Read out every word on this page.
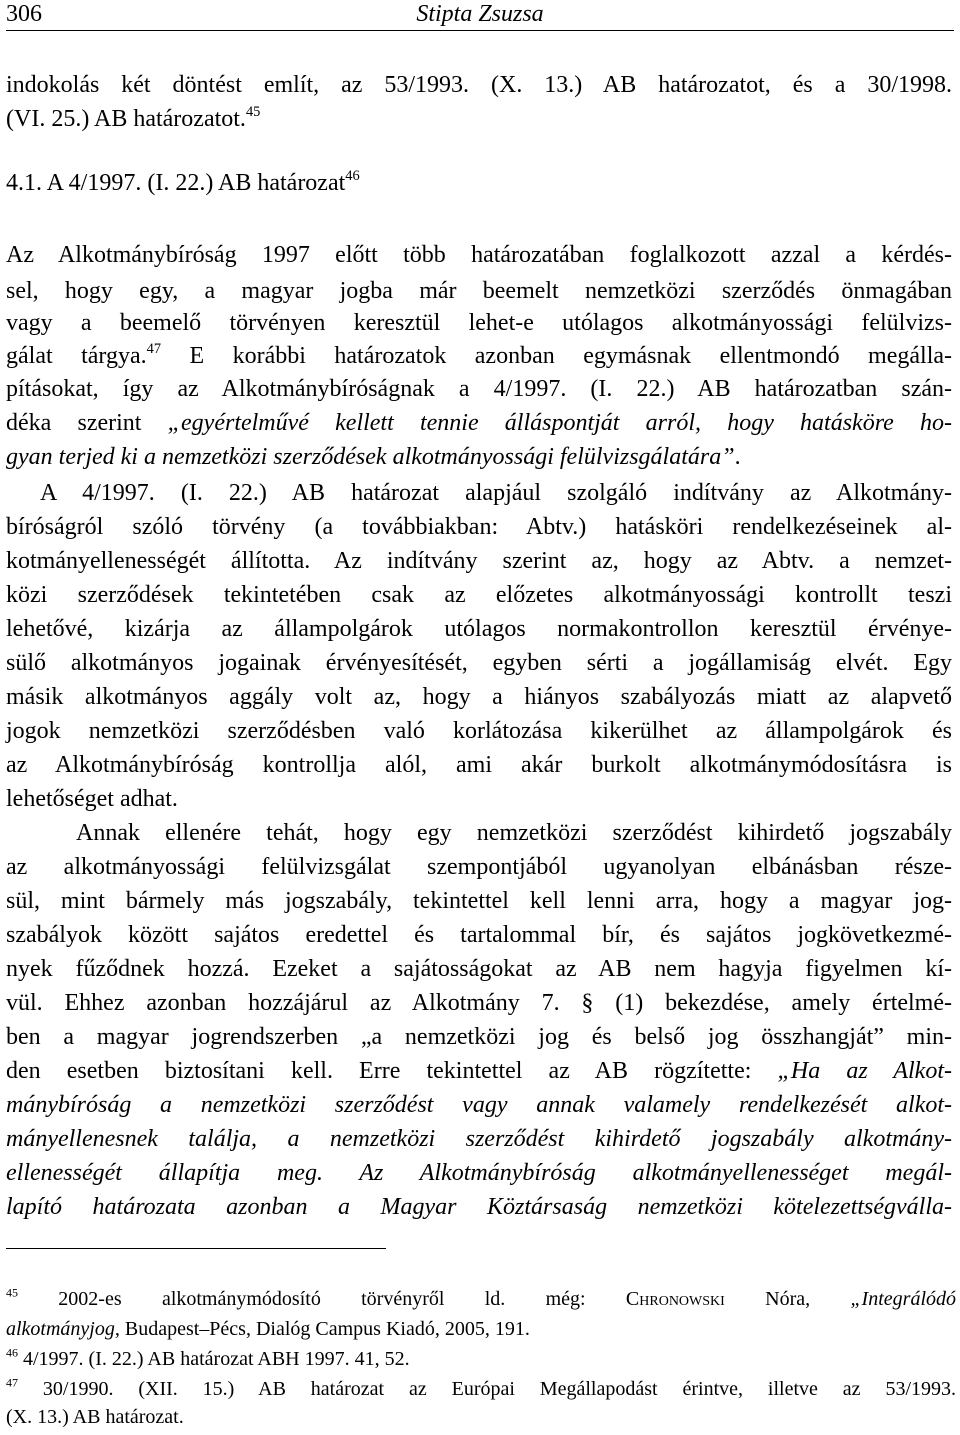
306	Stipta Zsuzsa
indokolás két döntést említ, az 53/1993. (X. 13.) AB határozatot, és a 30/1998.
(VI. 25.) AB határozatot.$^{45}$
4.1. A 4/1997. (I. 22.) AB határozat$^{46}$
Az Alkotmánybíróság 1997 előtt több határozatában foglalkozott azzal a kérdés-
sel, hogy egy, a magyar jogba már beemelt nemzetközi szerződés önmagában
vagy a beemelő törvényen keresztül lehet-e utólagos alkotmányossági felülvizs-
gálat tárgya.$^{47}$ E korábbi határozatok azonban egymásnak ellentmondó megálla-
pításokat, így az Alkotmánybíróságnak a 4/1997. (I. 22.) AB határozatban szán-
déka szerint „egyértelművé kellett tennie álláspontját arról, hogy hatásköre ho-
gyan terjed ki a nemzetközi szerződések alkotmányossági felülvizsgálatára”.
A 4/1997. (I. 22.) AB határozat alapjául szolgáló indítvány az Alkotmány-
bíróságról szóló törvény (a továbbiakban: Abtv.) hatásköri rendelkezéseinek al-
kotmányellenességét állította. Az indítvány szerint az, hogy az Abtv. a nemzet-
közi szerződések tekintetében csak az előzetes alkotmányossági kontrollt teszi
lehetővé, kizárja az állampolgárok utólagos normakontrollon keresztül érvénye-
sülő alkotmányos jogainak érvényesítését, egyben sérti a jogállamiság elvét. Egy
másik alkotmányos aggály volt az, hogy a hiányos szabályozás miatt az alapvető
jogok nemzetközi szerződésben való korlátozása kikerülhet az állampolgárok és
az Alkotmánybíróság kontrollja alól, ami akár burkolt alkotmánymódosításra is
lehetőséget adhat.
Annak ellenére tehát, hogy egy nemzetközi szerződést kihirdető jogszabály
az alkotmányossági felülvizsgálat szempontjából ugyanolyan elbánásban része-
sül, mint bármely más jogszabály, tekintettel kell lenni arra, hogy a magyar jog-
szabályok között sajátos eredettel és tartalommal bír, és sajátos jogkövetkezmé-
nyek fűződnek hozzá. Ezeket a sajátosságokat az AB nem hagyja figyelmen kí-
vül. Ehhez azonban hozzájárul az Alkotmány 7. § (1) bekezdése, amely értelmé-
ben a magyar jogrendszerben „a nemzetközi jog és belső jog összhangját” min-
den esetben biztosítani kell. Erre tekintettel az AB rögzítette: „Ha az Alkot-
mánybíróság a nemzetközi szerződést vagy annak valamely rendelkezését alkot-
mányellenesnek találja, a nemzetközi szerződést kihirdető jogszabály alkotmány-
ellenességét állapítja meg. Az Alkotmánybíróság alkotmányellenességet megál-
lapító határozata azonban a Magyar Köztársaság nemzetközi kötelezettségválla-
$^{45}$ 2002-es alkotmánymódosító törvényről ld. még: Chronowski Nóra, „Integrálódó
alkotmányjog, Budapest–Pécs, Dialóg Campus Kiadó, 2005, 191.
$^{46}$ 4/1997. (I. 22.) AB határozat ABH 1997. 41, 52.
$^{47}$ 30/1990. (XII. 15.) AB határozat az Európai Megállapodást érintve, illetve az 53/1993.
(X. 13.) AB határozat.
